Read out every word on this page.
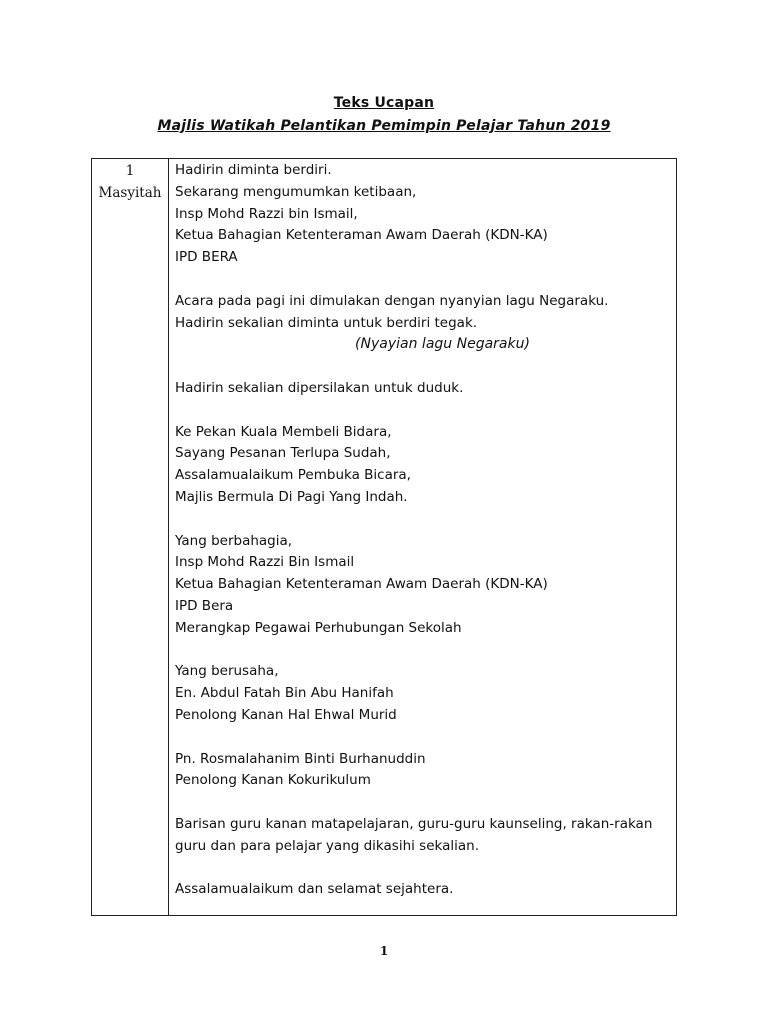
Teks Ucapan
Majlis Watikah Pelantikan Pemimpin Pelajar Tahun 2019
1
Masyitah
Hadirin diminta berdiri.
Sekarang mengumumkan ketibaan,
Insp Mohd Razzi bin Ismail,
Ketua Bahagian Ketenteraman Awam Daerah (KDN-KA)
IPD BERA
Acara pada pagi ini dimulakan dengan nyanyian lagu Negaraku.
Hadirin sekalian diminta untuk berdiri tegak.
(Nyayian lagu Negaraku)
Hadirin sekalian dipersilakan untuk duduk.
Ke Pekan Kuala Membeli Bidara,
Sayang Pesanan Terlupa Sudah,
Assalamualaikum Pembuka Bicara,
Majlis Bermula Di Pagi Yang Indah.
Yang berbahagia,
Insp Mohd Razzi Bin Ismail
Ketua Bahagian Ketenteraman Awam Daerah (KDN-KA)
IPD Bera
Merangkap Pegawai Perhubungan Sekolah
Yang berusaha,
En. Abdul Fatah Bin Abu Hanifah
Penolong Kanan Hal Ehwal Murid
Pn. Rosmalahanim Binti Burhanuddin
Penolong Kanan Kokurikulum
Barisan guru kanan matapelajaran, guru-guru kaunseling, rakan-rakan
guru dan para pelajar yang dikasihi sekalian.
Assalamualaikum dan selamat sejahtera.
1
